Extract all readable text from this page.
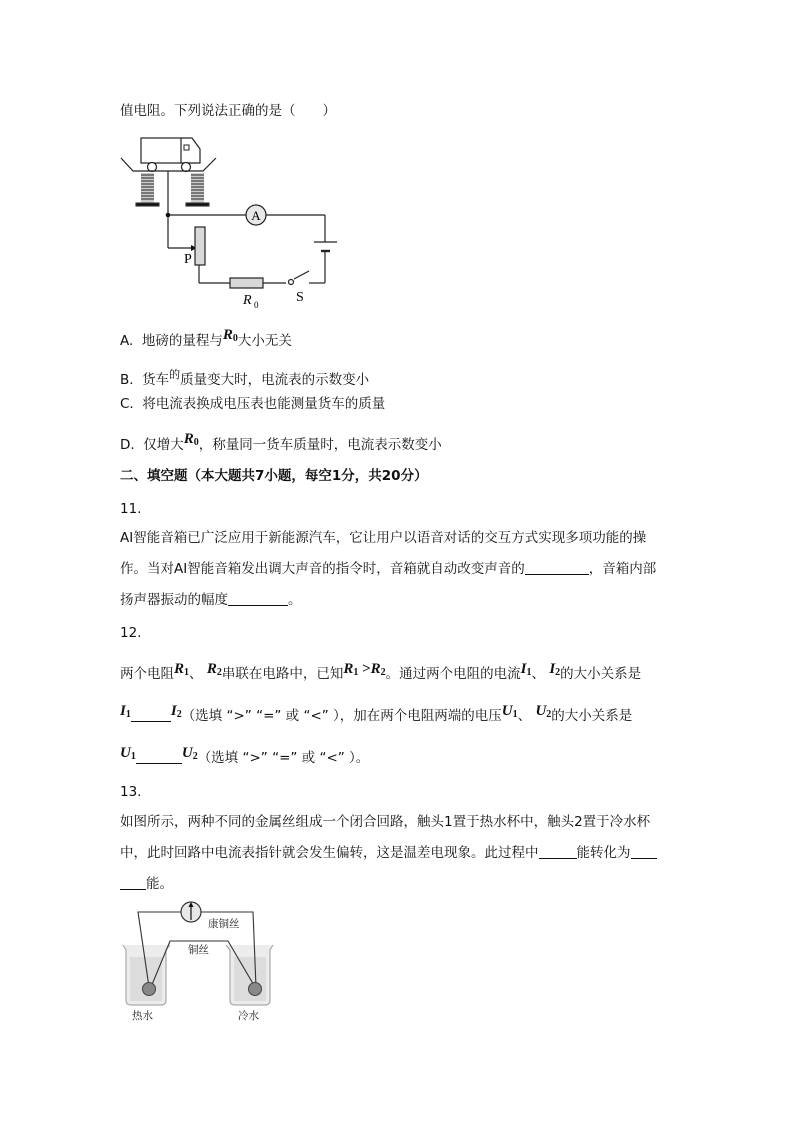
值电阻。下列说法正确的是（　　）
A
P
R 0	S
A. 地磅的量程与$R_0$大小无关
B. 货车$^的$质量变大时，电流表的示数变小
C. 将电流表换成电压表也能测量货车的质量
D. 仅增大$R_0$，称量同一货车质量时，电流表示数变小
二、填空题（本大题共7小题，每空1分，共20分）
11.
AI智能音箱已广泛应用于新能源汽车，它让用户以语音对话的交互方式实现多项功能的操
作。当对AI智能音箱发出调大声音的指令时，音箱就自动改变声音的	，音箱内部
扬声器振动的幅度	。
12.
两个电阻$R_1$、 $R_2$串联在电路中，已知$R_1 >R_2$。通过两个电阻的电流$I_1$、 $I_2$的大小关系是
$I_1$	$I_2$（选填 “>” “=” 或 “<” ），加在两个电阻两端的电压$U_1$、 $U_2$的大小关系是
$U_1$	$U_2$（选填 “>” “=” 或 “<” ）。
13.
如图所示，两种不同的金属丝组成一个闭合回路，触头1置于热水杯中，触头2置于冷水杯
中，此时回路中电流表指针就会发生偏转，这是温差电现象。此过程中	能转化为
能。
康铜丝
铜丝
热水	冷水
